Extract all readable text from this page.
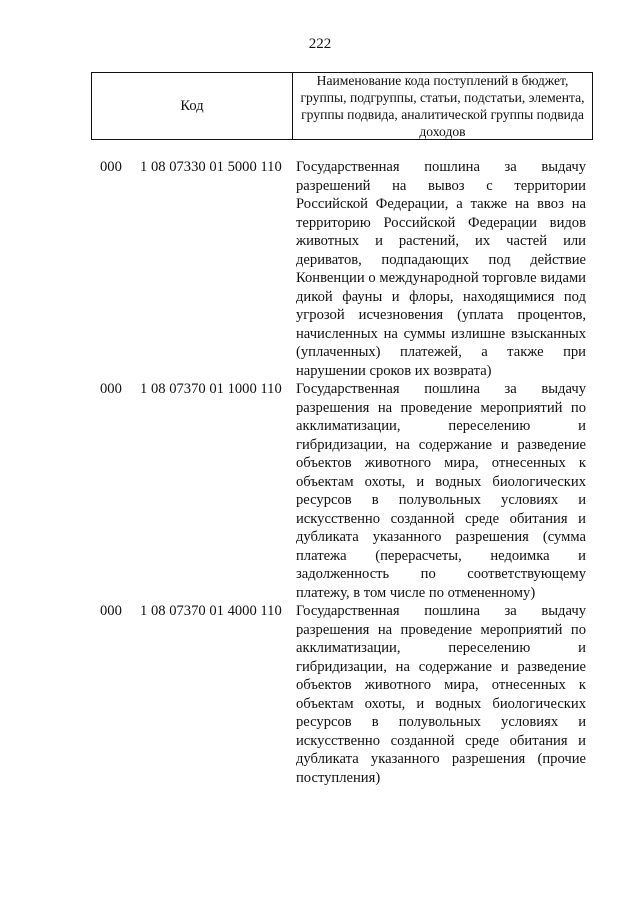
222
Код
Наименование кода поступлений в бюджет, группы, подгруппы, статьи, подстатьи, элемента, группы подвида, аналитической группы подвида доходов
000 1 08 07330 01 5000 110 Государственная пошлина за выдачу разрешений на вывоз с территории Российской Федерации, а также на ввоз на территорию Российской Федерации видов животных и растений, их частей или дериватов, подпадающих под действие Конвенции о международной торговле видами дикой фауны и флоры, находящимися под угрозой исчезновения (уплата процентов, начисленных на суммы излишне взысканных (уплаченных) платежей, а также при нарушении сроков их возврата)
000 1 08 07370 01 1000 110 Государственная пошлина за выдачу разрешения на проведение мероприятий по акклиматизации, переселению и гибридизации, на содержание и разведение объектов животного мира, отнесенных к объектам охоты, и водных биологических ресурсов в полувольных условиях и искусственно созданной среде обитания и дубликата указанного разрешения (сумма платежа (перерасчеты, недоимка и задолженность по соответствующему платежу, в том числе по отмененному)
000 1 08 07370 01 4000 110 Государственная пошлина за выдачу разрешения на проведение мероприятий по акклиматизации, переселению и гибридизации, на содержание и разведение объектов животного мира, отнесенных к объектам охоты, и водных биологических ресурсов в полувольных условиях и искусственно созданной среде обитания и дубликата указанного разрешения (прочие поступления)
